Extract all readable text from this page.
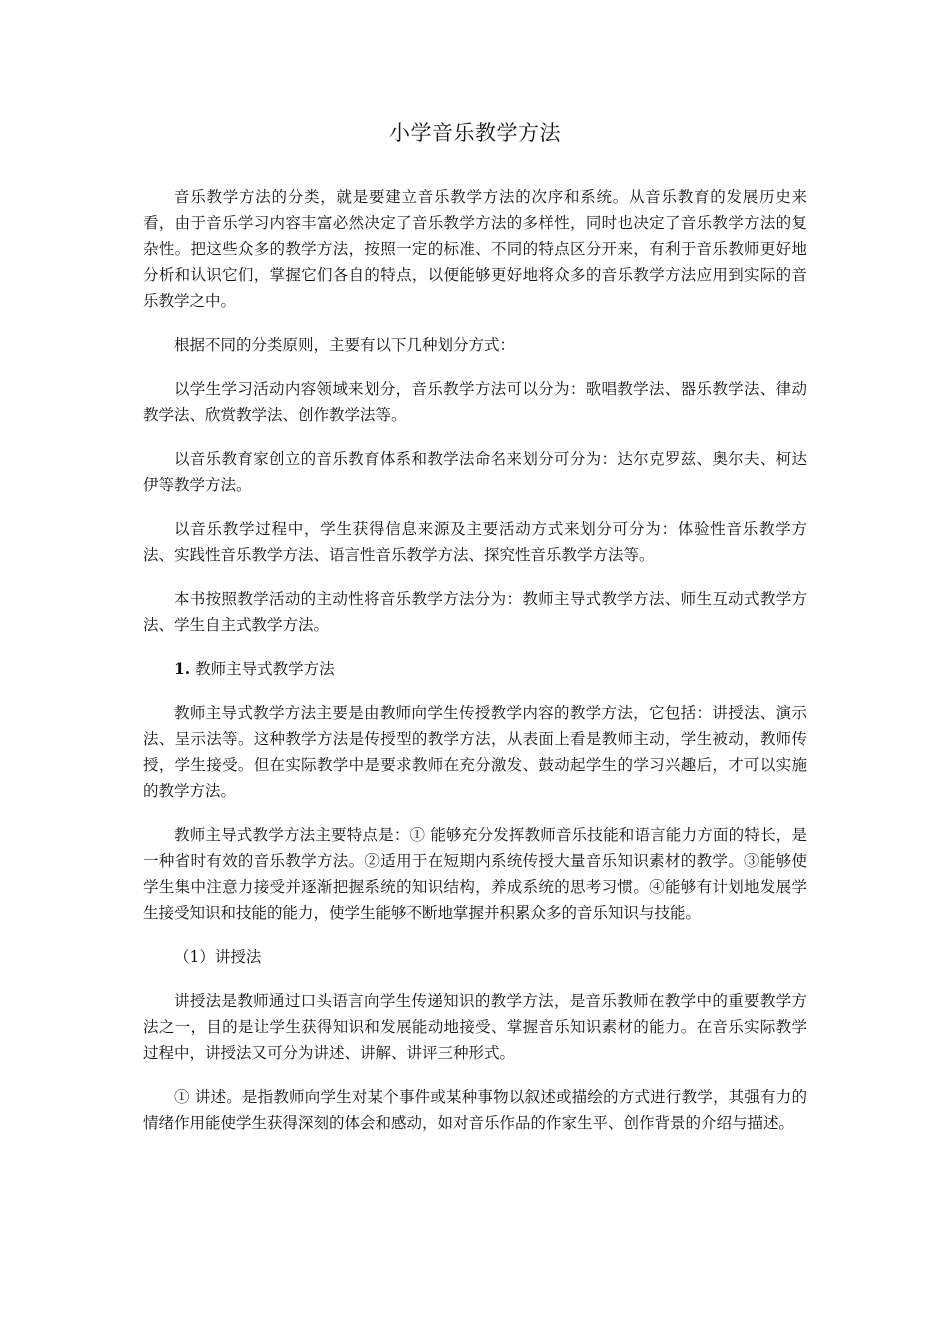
小学音乐教学方法

音乐教学方法的分类，就是要建立音乐教学方法的次序和系统。从音乐教育的发展历史来看，由于音乐学习内容丰富必然决定了音乐教学方法的多样性，同时也决定了音乐教学方法的复杂性。把这些众多的教学方法，按照一定的标准、不同的特点区分开来，有利于音乐教师更好地分析和认识它们，掌握它们各自的特点，以便能够更好地将众多的音乐教学方法应用到实际的音乐教学之中。

根据不同的分类原则，主要有以下几种划分方式：

以学生学习活动内容领域来划分，音乐教学方法可以分为：歌唱教学法、器乐教学法、律动教学法、欣赏教学法、创作教学法等。

以音乐教育家创立的音乐教育体系和教学法命名来划分可分为：达尔克罗兹、奥尔夫、柯达伊等教学方法。

以音乐教学过程中，学生获得信息来源及主要活动方式来划分可分为：体验性音乐教学方法、实践性音乐教学方法、语言性音乐教学方法、探究性音乐教学方法等。

本书按照教学活动的主动性将音乐教学方法分为：教师主导式教学方法、师生互动式教学方法、学生自主式教学方法。

1. 教师主导式教学方法

教师主导式教学方法主要是由教师向学生传授教学内容的教学方法，它包括：讲授法、演示法、呈示法等。这种教学方法是传授型的教学方法，从表面上看是教师主动，学生被动，教师传授，学生接受。但在实际教学中是要求教师在充分激发、鼓动起学生的学习兴趣后，才可以实施的教学方法。

教师主导式教学方法主要特点是：① 能够充分发挥教师音乐技能和语言能力方面的特长，是一种省时有效的音乐教学方法。②适用于在短期内系统传授大量音乐知识素材的教学。③能够使学生集中注意力接受并逐渐把握系统的知识结构，养成系统的思考习惯。④能够有计划地发展学生接受知识和技能的能力，使学生能够不断地掌握并积累众多的音乐知识与技能。

（1）讲授法

讲授法是教师通过口头语言向学生传递知识的教学方法，是音乐教师在教学中的重要教学方法之一，目的是让学生获得知识和发展能动地接受、掌握音乐知识素材的能力。在音乐实际教学过程中，讲授法又可分为讲述、讲解、讲评三种形式。

① 讲述。是指教师向学生对某个事件或某种事物以叙述或描绘的方式进行教学，其强有力的情绪作用能使学生获得深刻的体会和感动，如对音乐作品的作家生平、创作背景的介绍与描述。
